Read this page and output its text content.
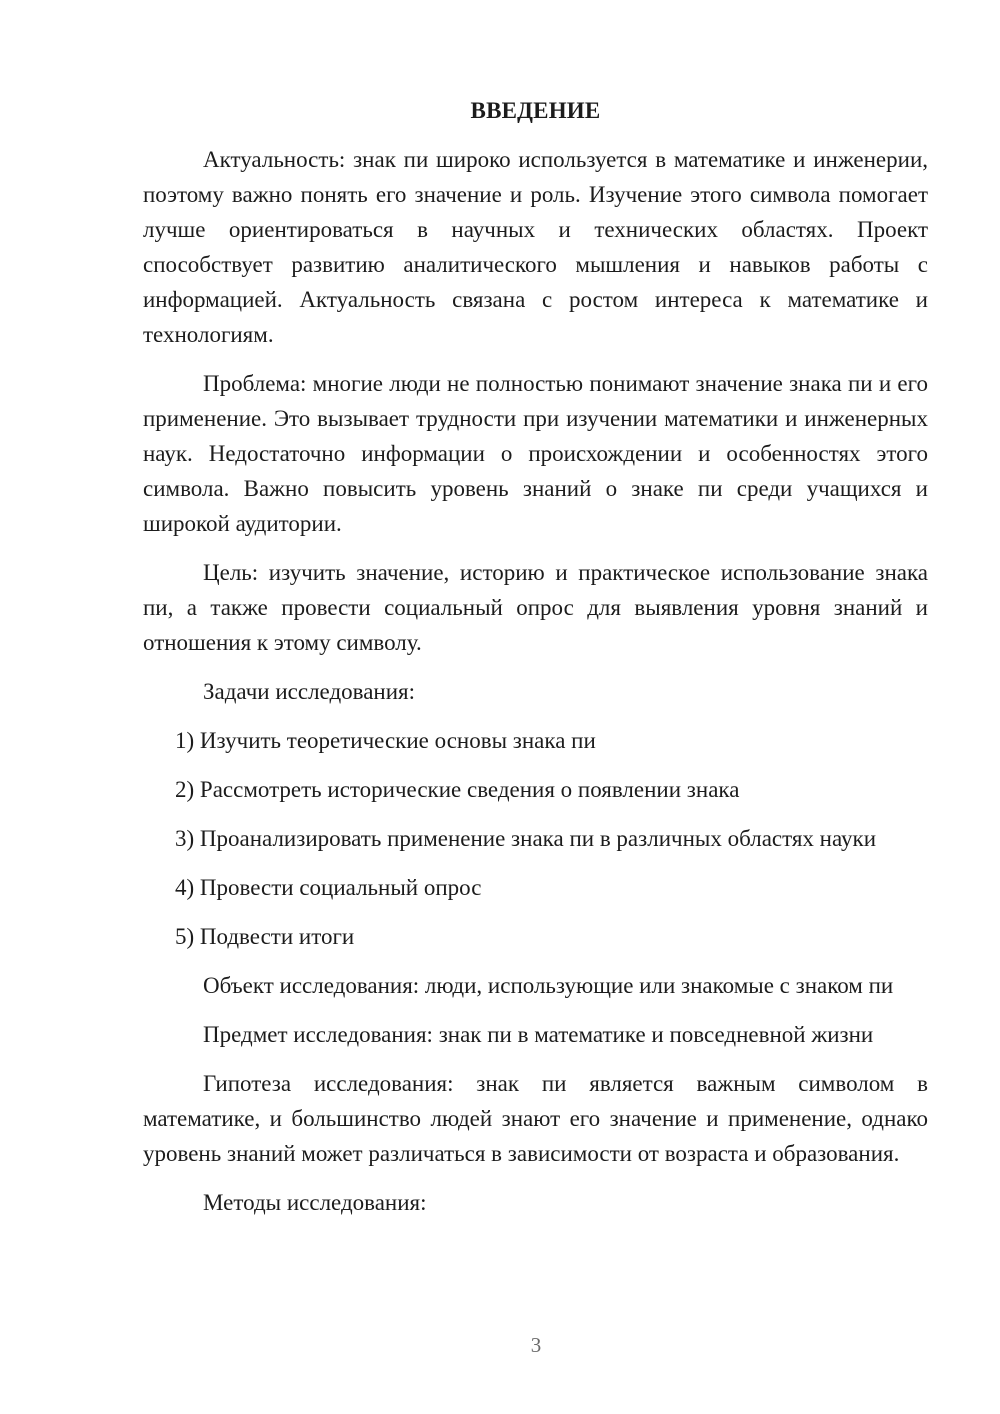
ВВЕДЕНИЕ

Актуальность: знак пи широко используется в математике и инженерии, поэтому важно понять его значение и роль. Изучение этого символа помогает лучше ориентироваться в научных и технических областях. Проект способствует развитию аналитического мышления и навыков работы с информацией. Актуальность связана с ростом интереса к математике и технологиям.

Проблема: многие люди не полностью понимают значение знака пи и его применение. Это вызывает трудности при изучении математики и инженерных наук. Недостаточно информации о происхождении и особенностях этого символа. Важно повысить уровень знаний о знаке пи среди учащихся и широкой аудитории.

Цель: изучить значение, историю и практическое использование знака пи, а также провести социальный опрос для выявления уровня знаний и отношения к этому символу.

Задачи исследования:

1) Изучить теоретические основы знака пи

2) Рассмотреть исторические сведения о появлении знака

3) Проанализировать применение знака пи в различных областях науки

4) Провести социальный опрос

5) Подвести итоги

Объект исследования: люди, использующие или знакомые с знаком пи

Предмет исследования: знак пи в математике и повседневной жизни

Гипотеза исследования: знак пи является важным символом в математике, и большинство людей знают его значение и применение, однако уровень знаний может различаться в зависимости от возраста и образования.

Методы исследования:

3
